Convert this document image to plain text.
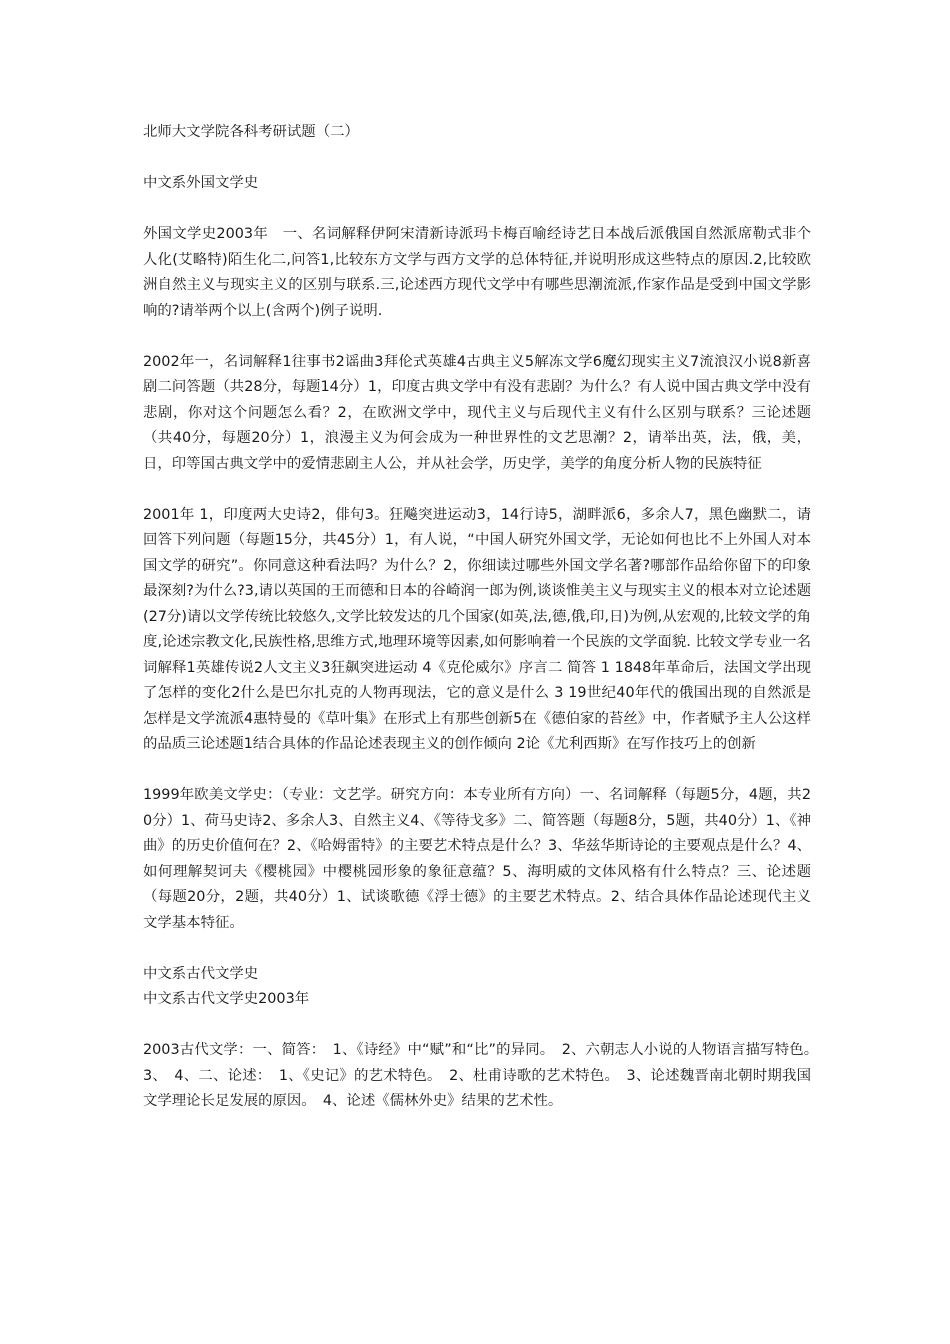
北师大文学院各科考研试题（二）

中文系外国文学史

外国文学史2003年　一、名词解释伊阿宋清新诗派玛卡梅百喻经诗艺日本战后派俄国自然派席勒式非个人化(艾略特)陌生化二,问答1,比较东方文学与西方文学的总体特征,并说明形成这些特点的原因.2,比较欧洲自然主义与现实主义的区别与联系.三,论述西方现代文学中有哪些思潮流派,作家作品是受到中国文学影响的?请举两个以上(含两个)例子说明.

2002年一，名词解释1往事书2谣曲3拜伦式英雄4古典主义5解冻文学6魔幻现实主义7流浪汉小说8新喜剧二问答题（共28分，每题14分）1，印度古典文学中有没有悲剧？为什么？有人说中国古典文学中没有悲剧，你对这个问题怎么看？2，在欧洲文学中，现代主义与后现代主义有什么区别与联系？三论述题（共40分，每题20分）1，浪漫主义为何会成为一种世界性的文艺思潮？2，请举出英，法，俄，美，日，印等国古典文学中的爱情悲剧主人公，并从社会学，历史学，美学的角度分析人物的民族特征

2001年 1，印度两大史诗2，俳句3。狂飚突进运动3，14行诗5，湖畔派6，多余人7，黑色幽默二，请回答下列问题（每题15分，共45分）1，有人说，“中国人研究外国文学，无论如何也比不上外国人对本国文学的研究”。你同意这种看法吗？为什么？2，你细读过哪些外国文学名著?哪部作品给你留下的印象最深刻?为什么?3,请以英国的王而德和日本的谷崎润一郎为例,谈谈惟美主义与现实主义的根本对立论述题(27分)请以文学传统比较悠久,文学比较发达的几个国家(如英,法,德,俄,印,日)为例,从宏观的,比较文学的角度,论述宗教文化,民族性格,思维方式,地理环境等因素,如何影响着一个民族的文学面貌. 比较文学专业一名词解释1英雄传说2人文主义3狂飙突进运动 4《克伦威尔》序言二 简答 1 1848年革命后，法国文学出现了怎样的变化2什么是巴尔扎克的人物再现法，它的意义是什么 3 19世纪40年代的俄国出现的自然派是怎样是文学流派4惠特曼的《草叶集》在形式上有那些创新5在《德伯家的苔丝》中，作者赋予主人公这样的品质三论述题1结合具体的作品论述表现主义的创作倾向 2论《尤利西斯》在写作技巧上的创新

1999年欧美文学史：（专业：文艺学。研究方向：本专业所有方向）一、名词解释（每题5分，4题，共20分）1、荷马史诗2、多余人3、自然主义4、《等待戈多》二、简答题（每题8分，5题，共40分）1、《神曲》的历史价值何在？2、《哈姆雷特》的主要艺术特点是什么？3、华兹华斯诗论的主要观点是什么？4、如何理解契诃夫《樱桃园》中樱桃园形象的象征意蕴？5、海明威的文体风格有什么特点？三、论述题（每题20分，2题，共40分）1、试谈歌德《浮士德》的主要艺术特点。2、结合具体作品论述现代主义文学基本特征。

中文系古代文学史

中文系古代文学史2003年

2003古代文学：一、简答：　1、《诗经》中“赋”和“比”的异同。　2、六朝志人小说的人物语言描写特色。　3、　4、二、论述：　1、《史记》的艺术特色。　2、杜甫诗歌的艺术特色。　3、论述魏晋南北朝时期我国文学理论长足发展的原因。　4、论述《儒林外史》结果的艺术性。
